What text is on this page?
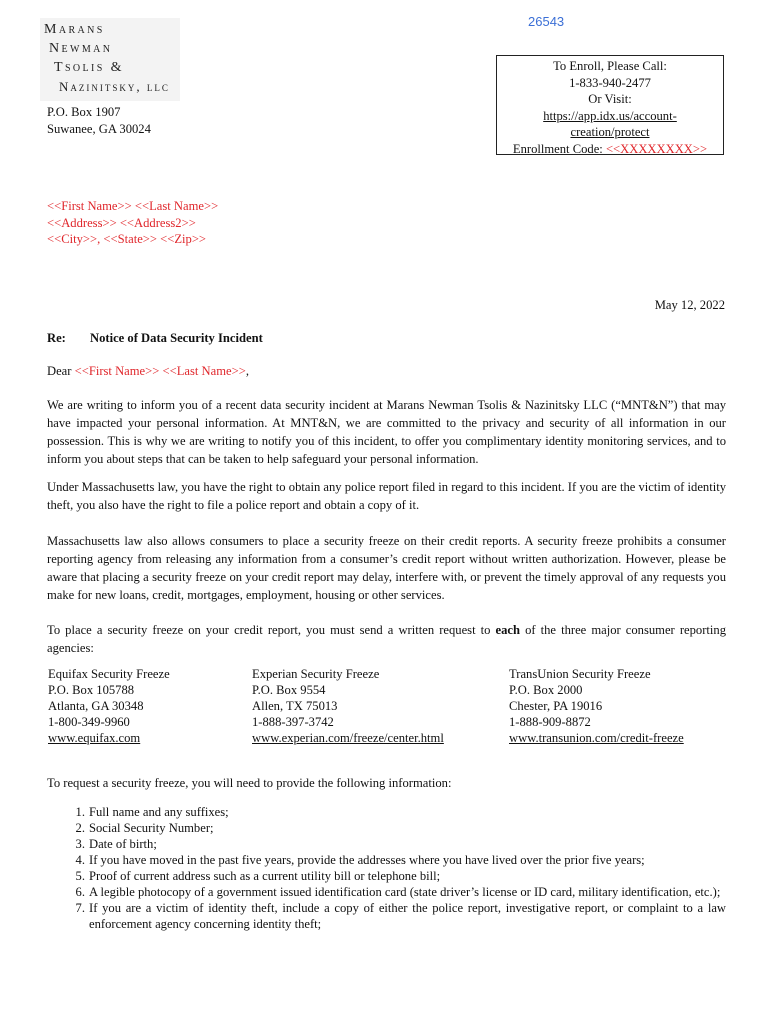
Marans
Newman
Tsolis &
Nazinitsky, llc
26543
P.O. Box 1907
Suwanee, GA 30024
To Enroll, Please Call:
1-833-940-2477
Or Visit:
https://app.idx.us/account-
creation/protect
Enrollment Code: <<XXXXXXXX>>
<<First Name>> <<Last Name>>
<<Address>> <<Address2>>
<<City>>, <<State>> <<Zip>>
May 12, 2022
Re: Notice of Data Security Incident
Dear <<First Name>> <<Last Name>>,

We are writing to inform you of a recent data security incident at Marans Newman Tsolis & Nazinitsky LLC (“MNT&N”) that may have impacted your personal information. At MNT&N, we are committed to the privacy and security of all information in our possession. This is why we are writing to notify you of this incident, to offer you complimentary identity monitoring services, and to inform you about steps that can be taken to help safeguard your personal information.

Under Massachusetts law, you have the right to obtain any police report filed in regard to this incident. If you are the victim of identity theft, you also have the right to file a police report and obtain a copy of it.

Massachusetts law also allows consumers to place a security freeze on their credit reports. A security freeze prohibits a consumer reporting agency from releasing any information from a consumer’s credit report without written authorization. However, please be aware that placing a security freeze on your credit report may delay, interfere with, or prevent the timely approval of any requests you make for new loans, credit, mortgages, employment, housing or other services.

To place a security freeze on your credit report, you must send a written request to each of the three major consumer reporting agencies:

Equifax Security Freeze
P.O. Box 105788
Atlanta, GA 30348
1-800-349-9960
www.equifax.com
Experian Security Freeze
P.O. Box 9554
Allen, TX 75013
1-888-397-3742
www.experian.com/freeze/center.html
TransUnion Security Freeze
P.O. Box 2000
Chester, PA 19016
1-888-909-8872
www.transunion.com/credit-freeze
To request a security freeze, you will need to provide the following information:
1. Full name and any suffixes;
2. Social Security Number;
3. Date of birth;
4. If you have moved in the past five years, provide the addresses where you have lived over the prior five years;
5. Proof of current address such as a current utility bill or telephone bill;
6. A legible photocopy of a government issued identification card (state driver’s license or ID card, military identification, etc.);
7. If you are a victim of identity theft, include a copy of either the police report, investigative report, or complaint to a law enforcement agency concerning identity theft;
